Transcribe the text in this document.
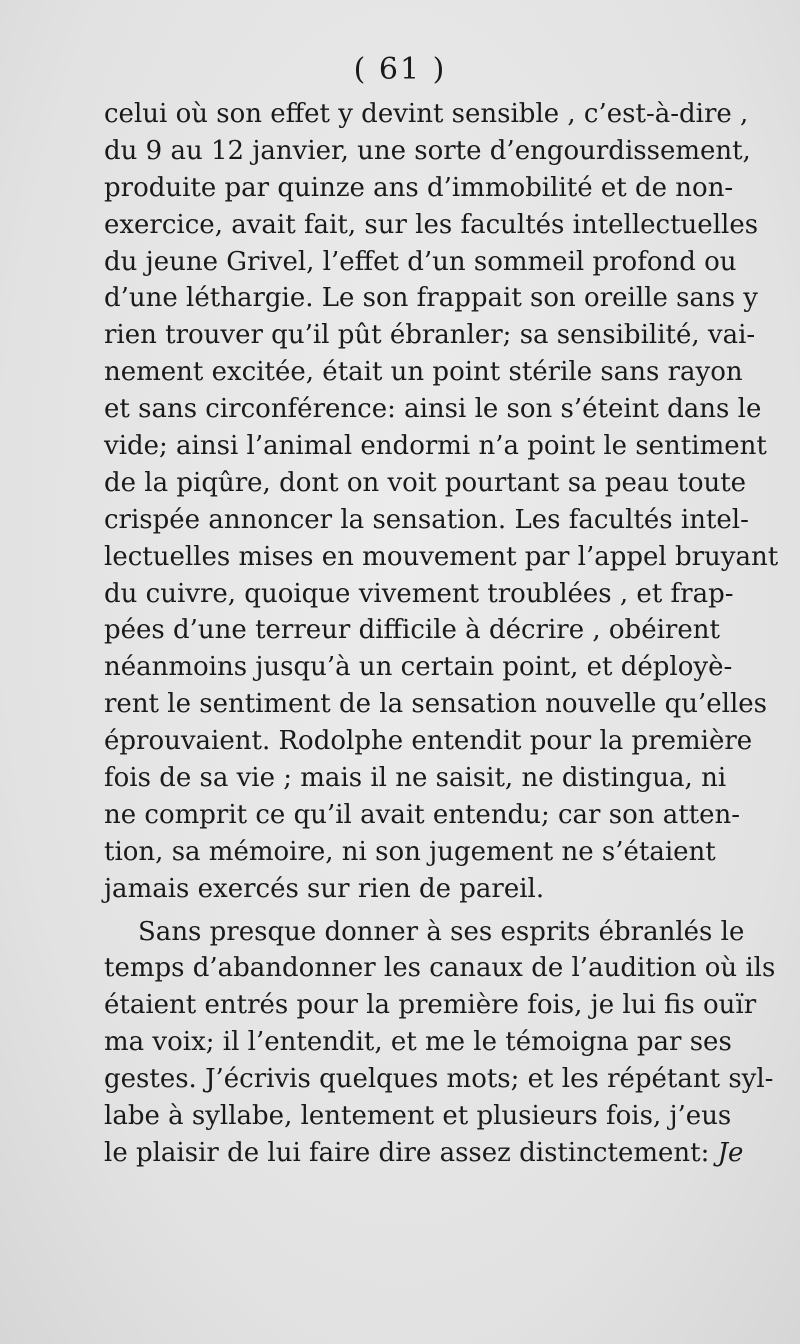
( 61 )
celui où son effet y devint sensible , c’est-à-dire ,
du 9 au 12 janvier, une sorte d’engourdissement,
produite par quinze ans d’immobilité et de non-
exercice, avait fait, sur les facultés intellectuelles
du jeune Grivel, l’effet d’un sommeil profond ou
d’une léthargie. Le son frappait son oreille sans y
rien trouver qu’il pût ébranler; sa sensibilité, vai-
nement excitée, était un point stérile sans rayon
et sans circonférence: ainsi le son s’éteint dans le
vide; ainsi l’animal endormi n’a point le sentiment
de la piqûre, dont on voit pourtant sa peau toute
crispée annoncer la sensation. Les facultés intel-
lectuelles mises en mouvement par l’appel bruyant
du cuivre, quoique vivement troublées , et frap-
pées d’une terreur difficile à décrire , obéirent
néanmoins jusqu’à un certain point, et déployè-
rent le sentiment de la sensation nouvelle qu’elles
éprouvaient. Rodolphe entendit pour la première
fois de sa vie ; mais il ne saisit, ne distingua, ni
ne comprit ce qu’il avait entendu; car son atten-
tion, sa mémoire, ni son jugement ne s’étaient
jamais exercés sur rien de pareil.
Sans presque donner à ses esprits ébranlés le
temps d’abandonner les canaux de l’audition où ils
étaient entrés pour la première fois, je lui fis ouïr
ma voix; il l’entendit, et me le témoigna par ses
gestes. J’écrivis quelques mots; et les répétant syl-
labe à syllabe, lentement et plusieurs fois, j’eus
le plaisir de lui faire dire assez distinctement: Je
